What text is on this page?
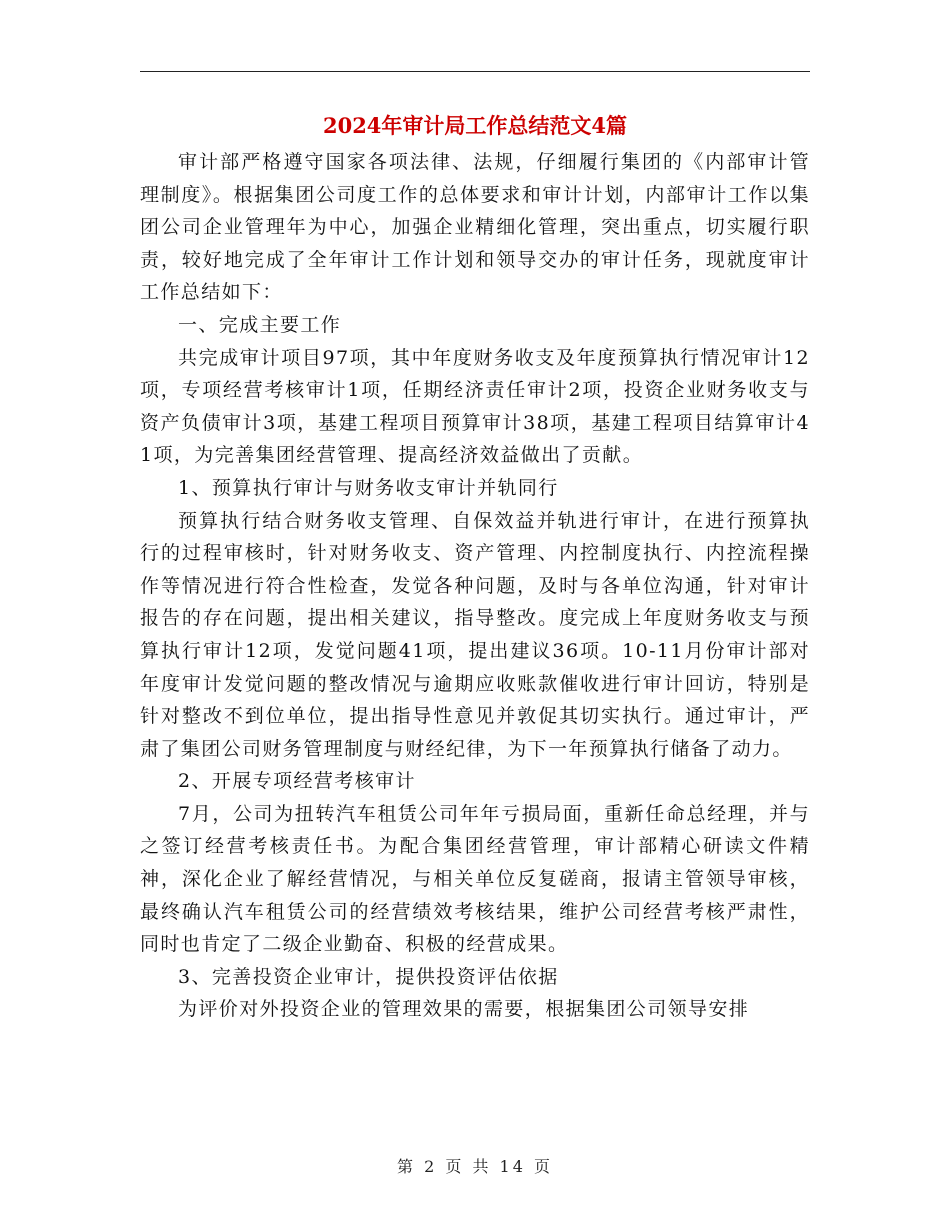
2024年审计局工作总结范文4篇

审计部严格遵守国家各项法律、法规，仔细履行集团的《内部审计管理制度》。根据集团公司度工作的总体要求和审计计划，内部审计工作以集团公司企业管理年为中心，加强企业精细化管理，突出重点，切实履行职责，较好地完成了全年审计工作计划和领导交办的审计任务，现就度审计工作总结如下：

一、完成主要工作

共完成审计项目97项，其中年度财务收支及年度预算执行情况审计12项，专项经营考核审计1项，任期经济责任审计2项，投资企业财务收支与资产负债审计3项，基建工程项目预算审计38项，基建工程项目结算审计41项，为完善集团经营管理、提高经济效益做出了贡献。

1、预算执行审计与财务收支审计并轨同行

预算执行结合财务收支管理、自保效益并轨进行审计，在进行预算执行的过程审核时，针对财务收支、资产管理、内控制度执行、内控流程操作等情况进行符合性检查，发觉各种问题，及时与各单位沟通，针对审计报告的存在问题，提出相关建议，指导整改。度完成上年度财务收支与预算执行审计12项，发觉问题41项，提出建议36项。10-11月份审计部对年度审计发觉问题的整改情况与逾期应收账款催收进行审计回访，特别是针对整改不到位单位，提出指导性意见并敦促其切实执行。通过审计，严肃了集团公司财务管理制度与财经纪律，为下一年预算执行储备了动力。

2、开展专项经营考核审计

7月，公司为扭转汽车租赁公司年年亏损局面，重新任命总经理，并与之签订经营考核责任书。为配合集团经营管理，审计部精心研读文件精神，深化企业了解经营情况，与相关单位反复磋商，报请主管领导审核，最终确认汽车租赁公司的经营绩效考核结果，维护公司经营考核严肃性，同时也肯定了二级企业勤奋、积极的经营成果。

3、完善投资企业审计，提供投资评估依据

为评价对外投资企业的管理效果的需要，根据集团公司领导安排

第 2 页 共 14 页
